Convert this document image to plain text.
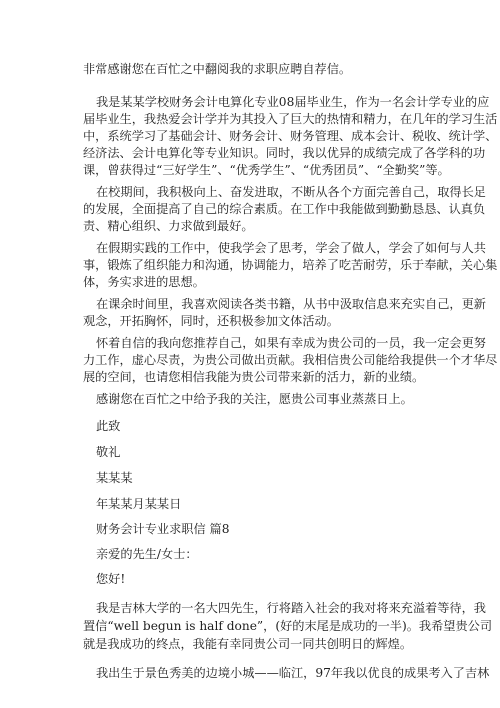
非常感谢您在百忙之中翻阅我的求职应聘自荐信。
我是某某学校财务会计电算化专业08届毕业生，作为一名会计学专业的应
届毕业生，我热爱会计学并为其投入了巨大的热情和精力，在几年的学习生活
中，系统学习了基础会计、财务会计、财务管理、成本会计、税收、统计学、
经济法、会计电算化等专业知识。同时，我以优异的成绩完成了各学科的功
课，曾获得过“三好学生”、“优秀学生”、“优秀团员”、“全勤奖”等。
在校期间，我积极向上、奋发进取，不断从各个方面完善自己，取得长足
的发展，全面提高了自己的综合素质。在工作中我能做到勤勤恳恳、认真负
责、精心组织、力求做到最好。
在假期实践的工作中，使我学会了思考，学会了做人，学会了如何与人共
事，锻炼了组织能力和沟通，协调能力，培养了吃苦耐劳，乐于奉献，关心集
体，务实求进的思想。
在课余时间里，我喜欢阅读各类书籍，从书中汲取信息来充实自己，更新
观念，开拓胸怀，同时，还积极参加文体活动。
怀着自信的我向您推荐自己，如果有幸成为贵公司的一员，我一定会更努
力工作，虚心尽责，为贵公司做出贡献。我相信贵公司能给我提供一个才华尽
展的空间，也请您相信我能为贵公司带来新的活力，新的业绩。
感谢您在百忙之中给予我的关注，愿贵公司事业蒸蒸日上。
此致
敬礼
某某某
年某某月某某日
财务会计专业求职信 篇8
亲爱的先生/女士：
您好!
我是吉林大学的一名大四先生，行将踏入社会的我对将来充溢着等待，我
置信“well begun is half done”，(好的末尾是成功的一半)。我希望贵公司
就是我成功的终点，我能有幸同贵公司一同共创明日的辉煌。
我出生于景色秀美的边境小城——临江，97年我以优良的成果考入了吉林
